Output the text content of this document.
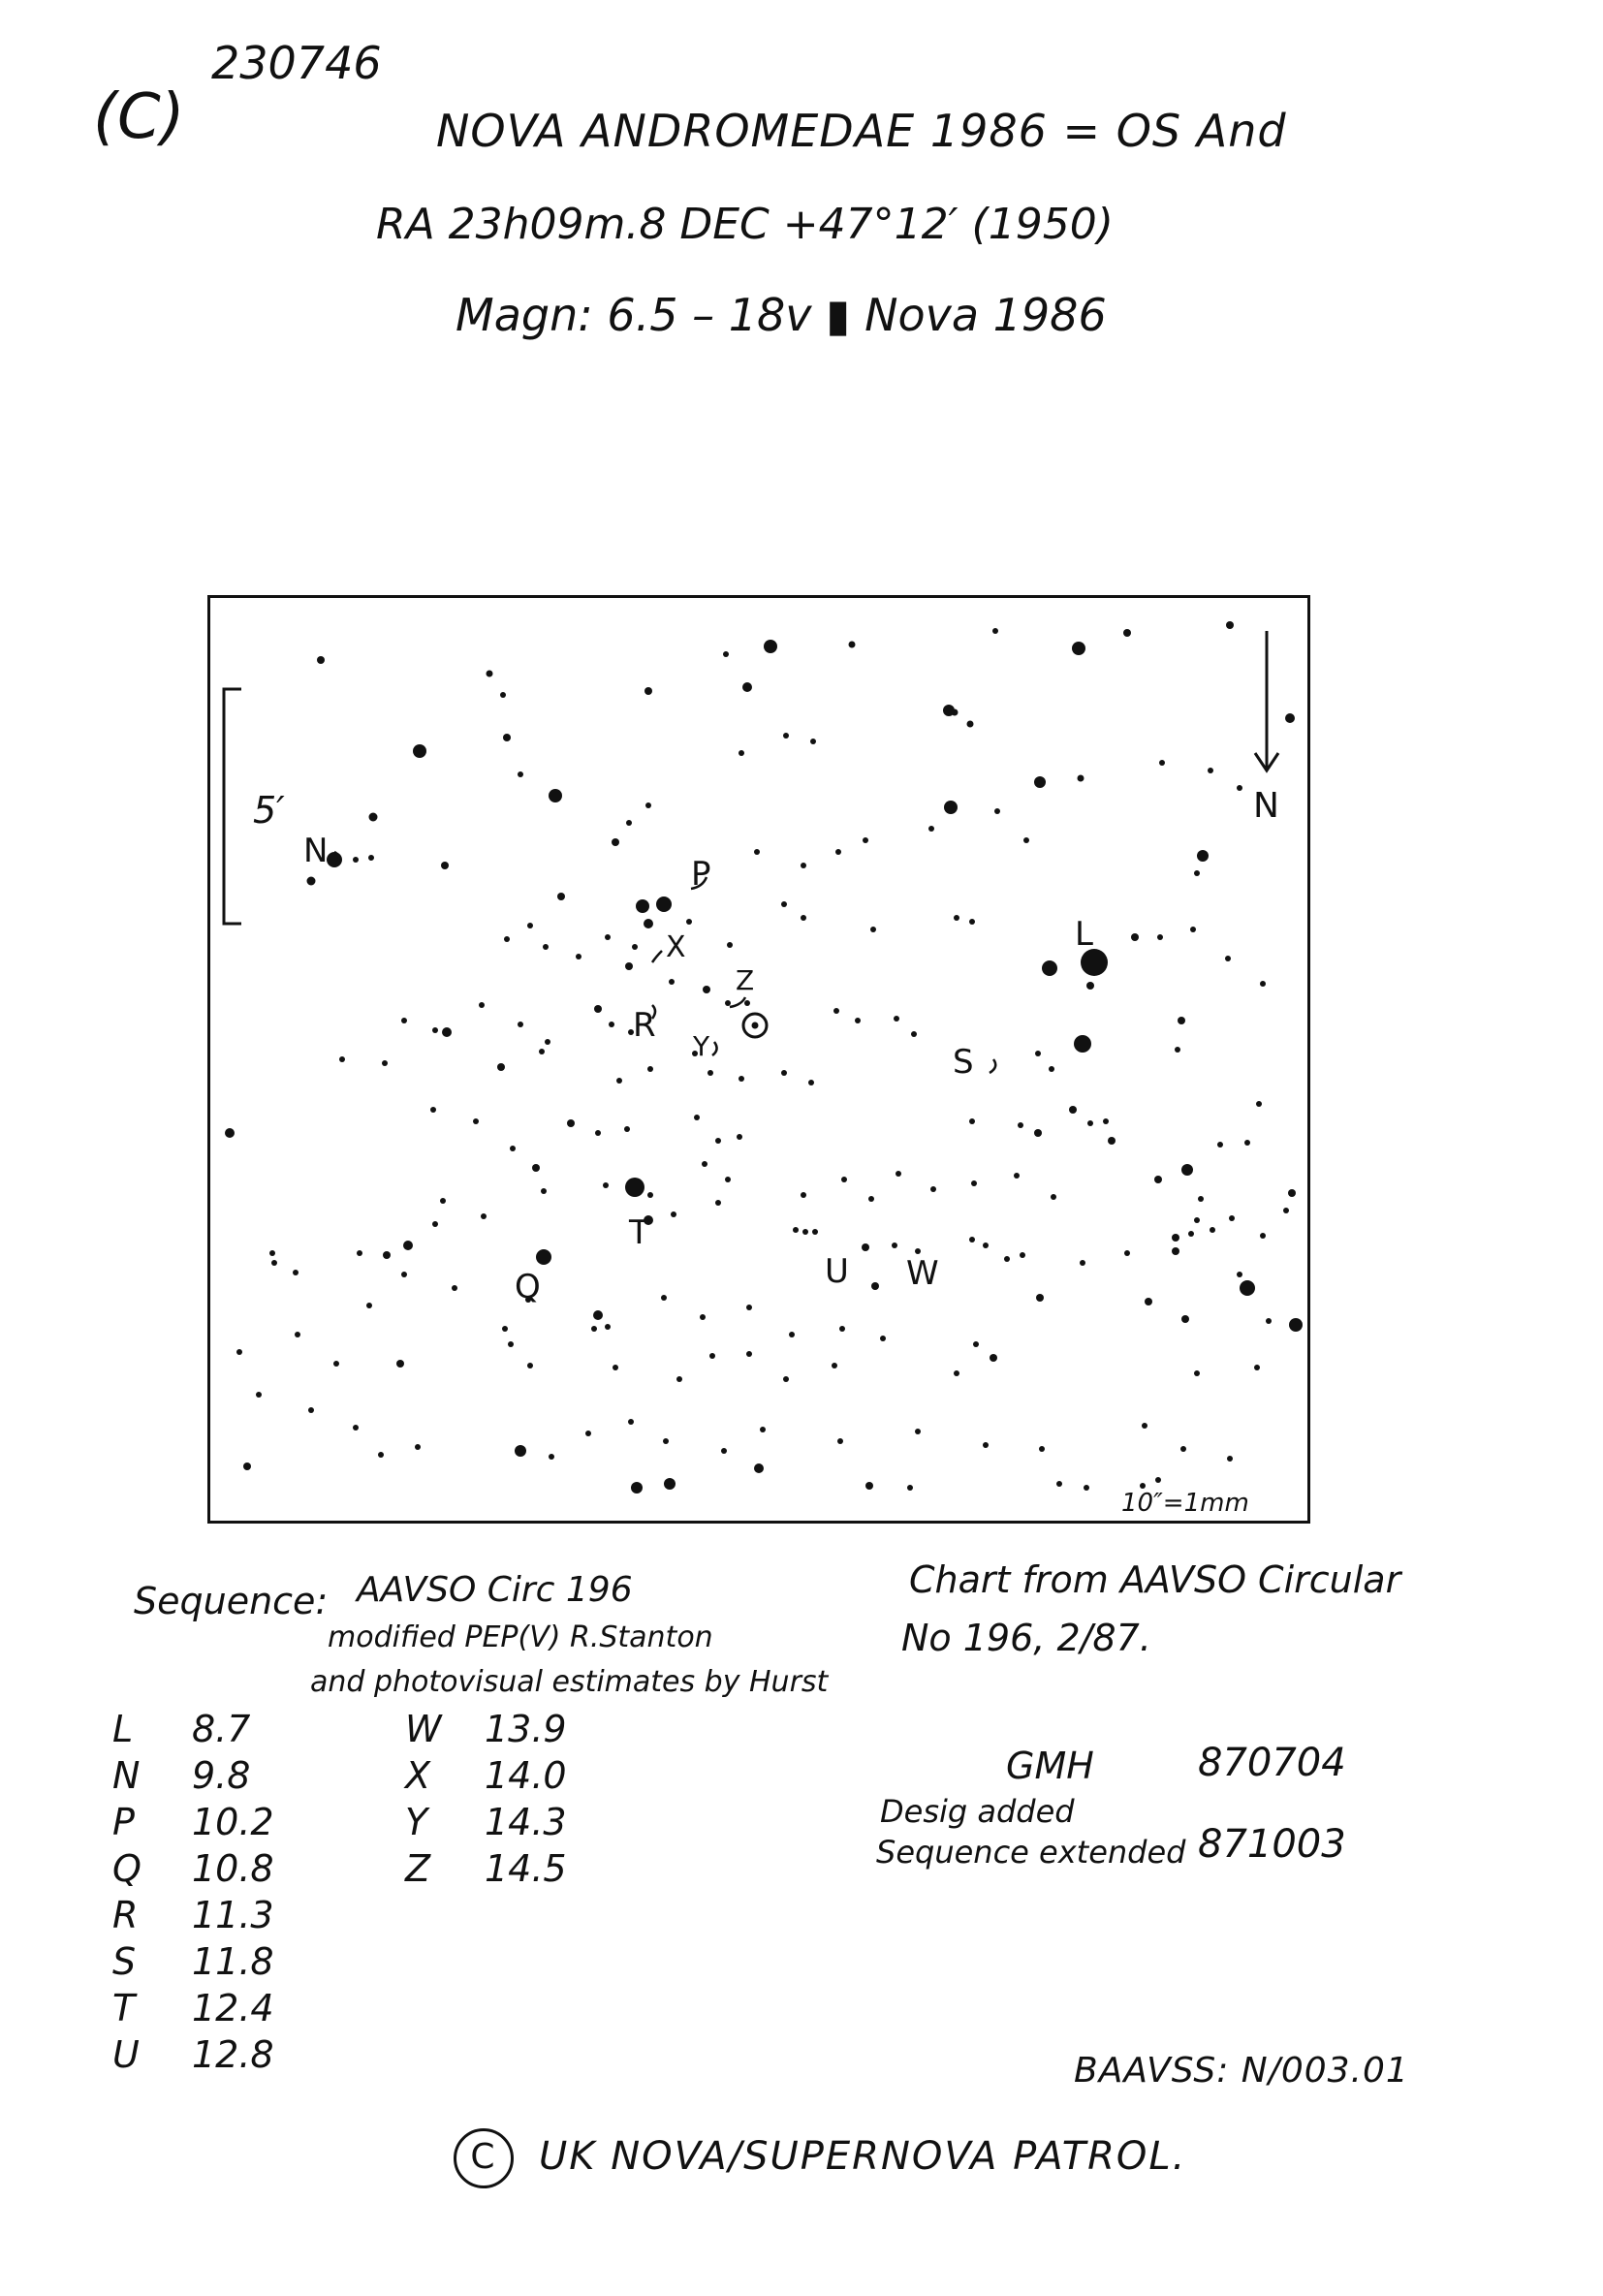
230746
(C)	NOVA ANDROMEDAE 1986 = OS And
RA 23h09m.8 DEC +47°12′ (1950)
Magn: 6.5 – 18v ▮ Nova 1986
5′	N
N
P
X
Z
R
Y
L
S
T
Q	U W
10″=1mm
Sequence: AAVSO Circ 196
modified PEP(V) R.Stanton
and photovisual estimates by Hurst
L 8.7
N 9.8
P 10.2
Q 10.8
R 11.3
S 11.8
T 12.4
U 12.8
W 13.9
X 14.0
Y 14.3
Z 14.5
Chart from AAVSO Circular
No 196, 2/87.
GMH	870704
Desig added
Sequence extended 871003
BAAVSS: N/003.01
C UK NOVA/SUPERNOVA PATROL.
